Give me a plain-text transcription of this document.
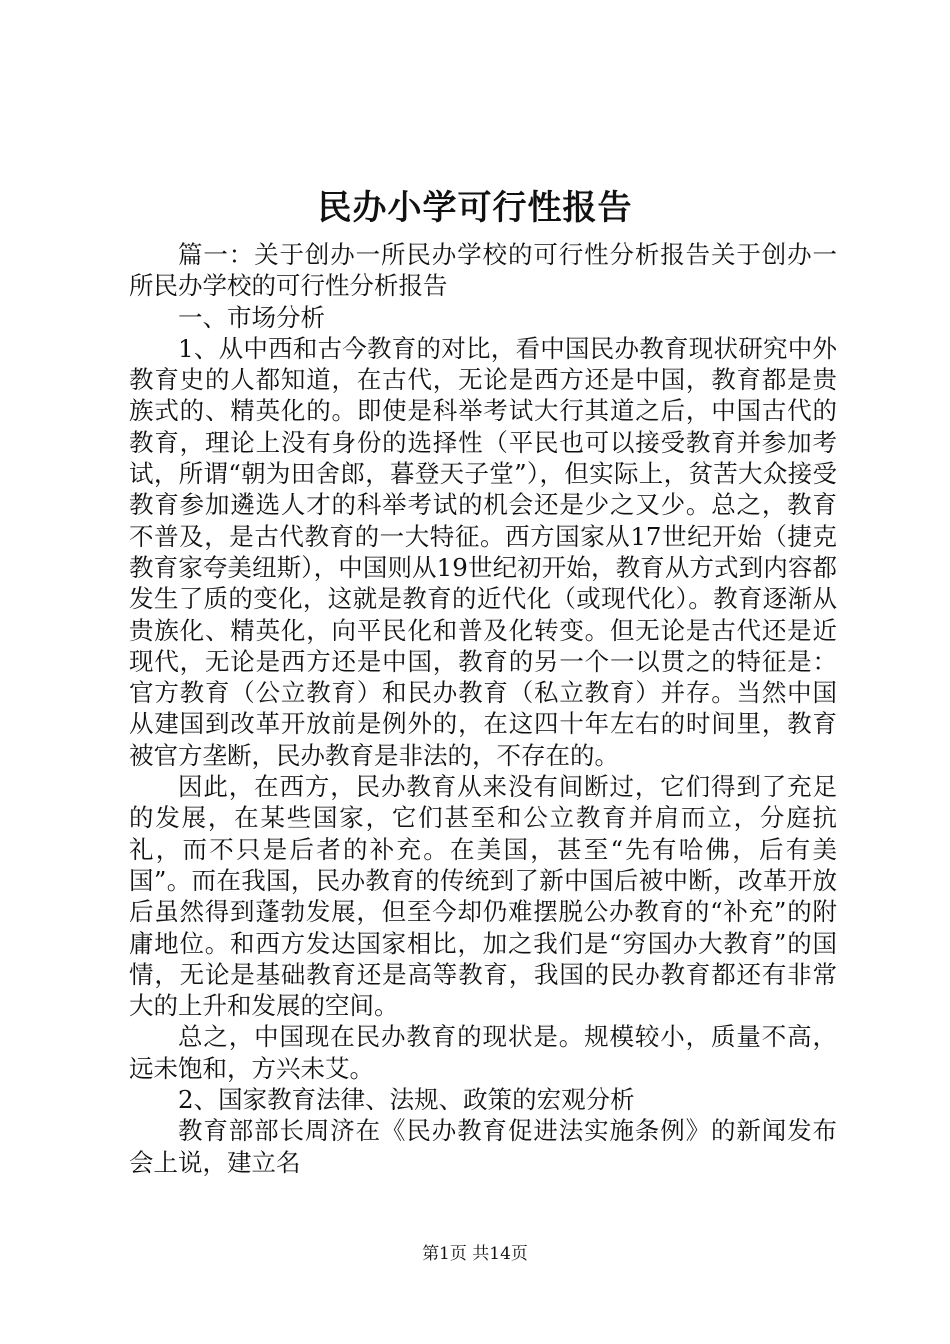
民办小学可行性报告

篇一：关于创办一所民办学校的可行性分析报告关于创办一所民办学校的可行性分析报告

一、市场分析

1、从中西和古今教育的对比，看中国民办教育现状研究中外教育史的人都知道，在古代，无论是西方还是中国，教育都是贵族式的、精英化的。即使是科举考试大行其道之后，中国古代的教育，理论上没有身份的选择性（平民也可以接受教育并参加考试，所谓“朝为田舍郎，暮登天子堂”），但实际上，贫苦大众接受教育参加遴选人才的科举考试的机会还是少之又少。总之，教育不普及，是古代教育的一大特征。西方国家从17世纪开始（捷克教育家夸美纽斯），中国则从19世纪初开始，教育从方式到内容都发生了质的变化，这就是教育的近代化（或现代化）。教育逐渐从贵族化、精英化，向平民化和普及化转变。但无论是古代还是近现代，无论是西方还是中国，教育的另一个一以贯之的特征是：官方教育（公立教育）和民办教育（私立教育）并存。当然中国从建国到改革开放前是例外的，在这四十年左右的时间里，教育被官方垄断，民办教育是非法的，不存在的。

因此，在西方，民办教育从来没有间断过，它们得到了充足的发展，在某些国家，它们甚至和公立教育并肩而立，分庭抗礼，而不只是后者的补充。在美国，甚至“先有哈佛，后有美国”。而在我国，民办教育的传统到了新中国后被中断，改革开放后虽然得到蓬勃发展，但至今却仍难摆脱公办教育的“补充”的附庸地位。和西方发达国家相比，加之我们是“穷国办大教育”的国情，无论是基础教育还是高等教育，我国的民办教育都还有非常大的上升和发展的空间。

总之，中国现在民办教育的现状是。规模较小，质量不高，远未饱和，方兴未艾。

2、国家教育法律、法规、政策的宏观分析

教育部部长周济在《民办教育促进法实施条例》的新闻发布会上说，建立名

第1页 共14页
